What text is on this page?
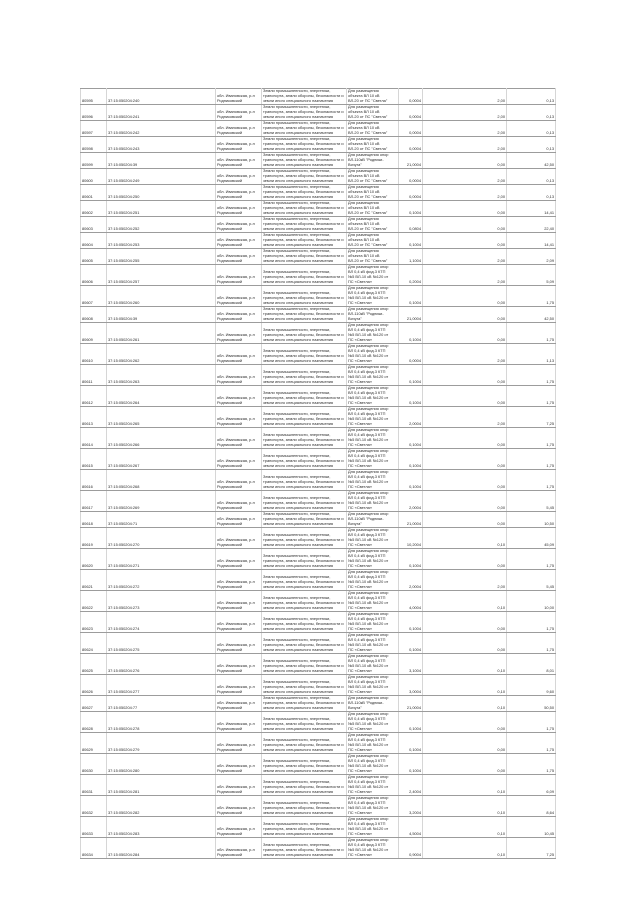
80595	37:15:050204:240	обл. Ивановская, р-н
Родниковский	Земли промышленности, энергетики,
транспорта, земли обороны, безопасности и
земли иного специального назначения	Для размещения
объекта ВЛ 10 кВ
ВЛ-20 от ПС "Светла"	0,0004	2,00	0,13
80596	37:15:050204:241	обл. Ивановская, р-н
Родниковский	Земли промышленности, энергетики,
транспорта, земли обороны, безопасности и
земли иного специального назначения	Для размещения
объекта ВЛ 10 кВ
ВЛ-20 от ПС "Светла"	0,0004	2,00	0,13
80597	37:15:050204:242	обл. Ивановская, р-н
Родниковский	Земли промышленности, энергетики,
транспорта, земли обороны, безопасности и
земли иного специального назначения	Для размещения
объекта ВЛ 10 кВ
ВЛ-20 от ПС "Светла"	0,0004	2,00	0,13
80598	37:15:050204:243	обл. Ивановская, р-н
Родниковский	Земли промышленности, энергетики,
транспорта, земли обороны, безопасности и
земли иного специального назначения	Для размещения
объекта ВЛ 10 кВ
ВЛ-20 от ПС "Светла"	0,0004	2,00	0,13
80599	37:15:050204:39	обл. Ивановская, р-н
Родниковский	Земли промышленности, энергетики,
транспорта, земли обороны, безопасности и
земли иного специального назначения	Для размещения опор
ВЛ-110кВ "Родники-
Вичуга"	21,0004	0,00	42,50
80600	37:15:050204:249	обл. Ивановская, р-н
Родниковский	Земли промышленности, энергетики,
транспорта, земли обороны, безопасности и
земли иного специального назначения	Для размещения
объекта ВЛ 10 кВ
ВЛ-20 от ПС "Светла"	0,0004	2,00	0,13
80601	37:15:050204:250	обл. Ивановская, р-н
Родниковский	Земли промышленности, энергетики,
транспорта, земли обороны, безопасности и
земли иного специального назначения	Для размещения
объекта ВЛ 10 кВ
ВЛ-20 от ПС "Светла"	0,0004	2,00	0,13
80602	37:15:050204:251	обл. Ивановская, р-н
Родниковский	Земли промышленности, энергетики,
транспорта, земли обороны, безопасности и
земли иного специального назначения	Для размещения
объекта ВЛ 10 кВ
ВЛ-20 от ПС "Светла"	0,1004	0,00	14,41
80603	37:15:050204:252	обл. Ивановская, р-н
Родниковский	Земли промышленности, энергетики,
транспорта, земли обороны, безопасности и
земли иного специального назначения	Для размещения
объекта ВЛ 10 кВ
ВЛ-20 от ПС "Светла"	0,0804	0,00	22,40
80604	37:15:050204:253	обл. Ивановская, р-н
Родниковский	Земли промышленности, энергетики,
транспорта, земли обороны, безопасности и
земли иного специального назначения	Для размещения
объекта ВЛ 10 кВ
ВЛ-20 от ПС "Светла"	0,1004	0,00	14,41
80605	37:15:050204:255	обл. Ивановская, р-н
Родниковский	Земли промышленности, энергетики,
транспорта, земли обороны, безопасности и
земли иного специального назначения	Для размещения
объекта ВЛ 10 кВ
ВЛ-20 от ПС "Светла"	1,1004	2,00	2,09
80606	37:15:050204:257	обл. Ивановская, р-н
Родниковский	Земли промышленности, энергетики,
транспорта, земли обороны, безопасности и
земли иного специального назначения	Для размещения опор
ВЛ 0,4 кВ фид.3 КТП
№5 ВЛ-10 кВ №120 от
ПС «Светла»	0,2004	2,00	5,09
80607	37:15:050204:260	обл. Ивановская, р-н
Родниковский	Земли промышленности, энергетики,
транспорта, земли обороны, безопасности и
земли иного специального назначения	Для размещения опор
ВЛ 0,4 кВ фид.3 КТП
№5 ВЛ-10 кВ №120 от
ПС «Светла»	0,1004	0,00	1,75
80608	37:15:050204:39	обл. Ивановская, р-н
Родниковский	Земли промышленности, энергетики,
транспорта, земли обороны, безопасности и
земли иного специального назначения	Для размещения опор
ВЛ-110кВ "Родники-
Вичуга"	21,0004	0,00	42,50
80609	37:15:050204:261	обл. Ивановская, р-н
Родниковский	Земли промышленности, энергетики,
транспорта, земли обороны, безопасности и
земли иного специального назначения	Для размещения опор
ВЛ 0,4 кВ фид.3 КТП
№5 ВЛ-10 кВ №120 от
ПС «Светла»	0,1004	0,00	1,75
80610	37:15:050204:262	обл. Ивановская, р-н
Родниковский	Земли промышленности, энергетики,
транспорта, земли обороны, безопасности и
земли иного специального назначения	Для размещения опор
ВЛ 0,4 кВ фид.3 КТП
№5 ВЛ-10 кВ №120 от
ПС «Светла»	0,0004	2,00	1,13
80611	37:15:050204:263	обл. Ивановская, р-н
Родниковский	Земли промышленности, энергетики,
транспорта, земли обороны, безопасности и
земли иного специального назначения	Для размещения опор
ВЛ 0,4 кВ фид.3 КТП
№5 ВЛ-10 кВ №120 от
ПС «Светла»	0,1004	0,00	1,75
80612	37:15:050204:264	обл. Ивановская, р-н
Родниковский	Земли промышленности, энергетики,
транспорта, земли обороны, безопасности и
земли иного специального назначения	Для размещения опор
ВЛ 0,4 кВ фид.3 КТП
№5 ВЛ-10 кВ №120 от
ПС «Светла»	0,1004	0,00	1,75
80613	37:15:050204:265	обл. Ивановская, р-н
Родниковский	Земли промышленности, энергетики,
транспорта, земли обороны, безопасности и
земли иного специального назначения	Для размещения опор
ВЛ 0,4 кВ фид.3 КТП
№5 ВЛ-10 кВ №120 от
ПС «Светла»	2,0004	2,00	7,25
80614	37:15:050204:266	обл. Ивановская, р-н
Родниковский	Земли промышленности, энергетики,
транспорта, земли обороны, безопасности и
земли иного специального назначения	Для размещения опор
ВЛ 0,4 кВ фид.3 КТП
№5 ВЛ-10 кВ №120 от
ПС «Светла»	0,1004	0,00	1,75
80615	37:15:050204:267	обл. Ивановская, р-н
Родниковский	Земли промышленности, энергетики,
транспорта, земли обороны, безопасности и
земли иного специального назначения	Для размещения опор
ВЛ 0,4 кВ фид.3 КТП
№5 ВЛ-10 кВ №120 от
ПС «Светла»	0,1004	0,00	1,75
80616	37:15:050204:268	обл. Ивановская, р-н
Родниковский	Земли промышленности, энергетики,
транспорта, земли обороны, безопасности и
земли иного специального назначения	Для размещения опор
ВЛ 0,4 кВ фид.3 КТП
№5 ВЛ-10 кВ №120 от
ПС «Светла»	0,1004	0,00	1,75
80617	37:15:050204:269	обл. Ивановская, р-н
Родниковский	Земли промышленности, энергетики,
транспорта, земли обороны, безопасности и
земли иного специального назначения	Для размещения опор
ВЛ 0,4 кВ фид.3 КТП
№5 ВЛ-10 кВ №120 от
ПС «Светла»	2,0004	0,00	5,45
80618	37:15:050204:71	обл. Ивановская, р-н
Родниковский	Земли промышленности, энергетики,
транспорта, земли обороны, безопасности и
земли иного специального назначения	Для размещения опор
ВЛ-110кВ "Родники-
Вичуга"	21,0004	0,00	10,50
80619	37:15:050204:270	обл. Ивановская, р-н
Родниковский	Земли промышленности, энергетики,
транспорта, земли обороны, безопасности и
земли иного специального назначения	Для размещения опор
ВЛ 0,4 кВ фид.3 КТП
№5 ВЛ-10 кВ №120 от
ПС «Светла»	10,2004	0,10	45,09
80620	37:15:050204:271	обл. Ивановская, р-н
Родниковский	Земли промышленности, энергетики,
транспорта, земли обороны, безопасности и
земли иного специального назначения	Для размещения опор
ВЛ 0,4 кВ фид.3 КТП
№5 ВЛ-10 кВ №120 от
ПС «Светла»	0,1004	0,00	1,75
80621	37:15:050204:272	обл. Ивановская, р-н
Родниковский	Земли промышленности, энергетики,
транспорта, земли обороны, безопасности и
земли иного специального назначения	Для размещения опор
ВЛ 0,4 кВ фид.3 КТП
№5 ВЛ-10 кВ №120 от
ПС «Светла»	2,0004	2,00	5,45
80622	37:15:050204:273	обл. Ивановская, р-н
Родниковский	Земли промышленности, энергетики,
транспорта, земли обороны, безопасности и
земли иного специального назначения	Для размещения опор
ВЛ 0,4 кВ фид.3 КТП
№5 ВЛ-10 кВ №120 от
ПС «Светла»	4,0004	0,10	10,00
80623	37:15:050204:274	обл. Ивановская, р-н
Родниковский	Земли промышленности, энергетики,
транспорта, земли обороны, безопасности и
земли иного специального назначения	Для размещения опор
ВЛ 0,4 кВ фид.3 КТП
№5 ВЛ-10 кВ №120 от
ПС «Светла»	0,1004	0,00	1,75
80624	37:15:050204:275	обл. Ивановская, р-н
Родниковский	Земли промышленности, энергетики,
транспорта, земли обороны, безопасности и
земли иного специального назначения	Для размещения опор
ВЛ 0,4 кВ фид.3 КТП
№5 ВЛ-10 кВ №120 от
ПС «Светла»	0,1004	0,00	1,75
80625	37:15:050204:276	обл. Ивановская, р-н
Родниковский	Земли промышленности, энергетики,
транспорта, земли обороны, безопасности и
земли иного специального назначения	Для размещения опор
ВЛ 0,4 кВ фид.3 КТП
№5 ВЛ-10 кВ №120 от
ПС «Светла»	3,1004	0,10	8,01
80626	37:15:050204:277	обл. Ивановская, р-н
Родниковский	Земли промышленности, энергетики,
транспорта, земли обороны, безопасности и
земли иного специального назначения	Для размещения опор
ВЛ 0,4 кВ фид.3 КТП
№5 ВЛ-10 кВ №120 от
ПС «Светла»	3,0004	0,10	9,60
80627	37:15:050204:77	обл. Ивановская, р-н
Родниковский	Земли промышленности, энергетики,
транспорта, земли обороны, безопасности и
земли иного специального назначения	Для размещения опор
ВЛ-110кВ "Родники-
Вичуга"	21,0004	0,10	50,50
80628	37:15:050204:278	обл. Ивановская, р-н
Родниковский	Земли промышленности, энергетики,
транспорта, земли обороны, безопасности и
земли иного специального назначения	Для размещения опор
ВЛ 0,4 кВ фид.3 КТП
№5 ВЛ-10 кВ №120 от
ПС «Светла»	0,1004	0,00	1,75
80629	37:15:050204:279	обл. Ивановская, р-н
Родниковский	Земли промышленности, энергетики,
транспорта, земли обороны, безопасности и
земли иного специального назначения	Для размещения опор
ВЛ 0,4 кВ фид.3 КТП
№5 ВЛ-10 кВ №120 от
ПС «Светла»	0,1004	0,00	1,75
80630	37:15:050204:280	обл. Ивановская, р-н
Родниковский	Земли промышленности, энергетики,
транспорта, земли обороны, безопасности и
земли иного специального назначения	Для размещения опор
ВЛ 0,4 кВ фид.3 КТП
№5 ВЛ-10 кВ №120 от
ПС «Светла»	0,1004	0,00	1,75
80631	37:15:050204:281	обл. Ивановская, р-н
Родниковский	Земли промышленности, энергетики,
транспорта, земли обороны, безопасности и
земли иного специального назначения	Для размещения опор
ВЛ 0,4 кВ фид.3 КТП
№5 ВЛ-10 кВ №120 от
ПС «Светла»	2,4004	0,10	6,09
80632	37:15:050204:282	обл. Ивановская, р-н
Родниковский	Земли промышленности, энергетики,
транспорта, земли обороны, безопасности и
земли иного специального назначения	Для размещения опор
ВЛ 0,4 кВ фид.3 КТП
№5 ВЛ-10 кВ №120 от
ПС «Светла»	3,2004	0,10	8,64
80633	37:15:050204:283	обл. Ивановская, р-н
Родниковский	Земли промышленности, энергетики,
транспорта, земли обороны, безопасности и
земли иного специального назначения	Для размещения опор
ВЛ 0,4 кВ фид.3 КТП
№5 ВЛ-10 кВ №120 от
ПС «Светла»	4,5004	0,10	10,45
80634	37:15:050204:284	обл. Ивановская, р-н
Родниковский	Земли промышленности, энергетики,
транспорта, земли обороны, безопасности и
земли иного специального назначения	Для размещения опор
ВЛ 0,4 кВ фид.3 КТП
№5 ВЛ-10 кВ №120 от
ПС «Светла»	0,9004	0,10	7,25
